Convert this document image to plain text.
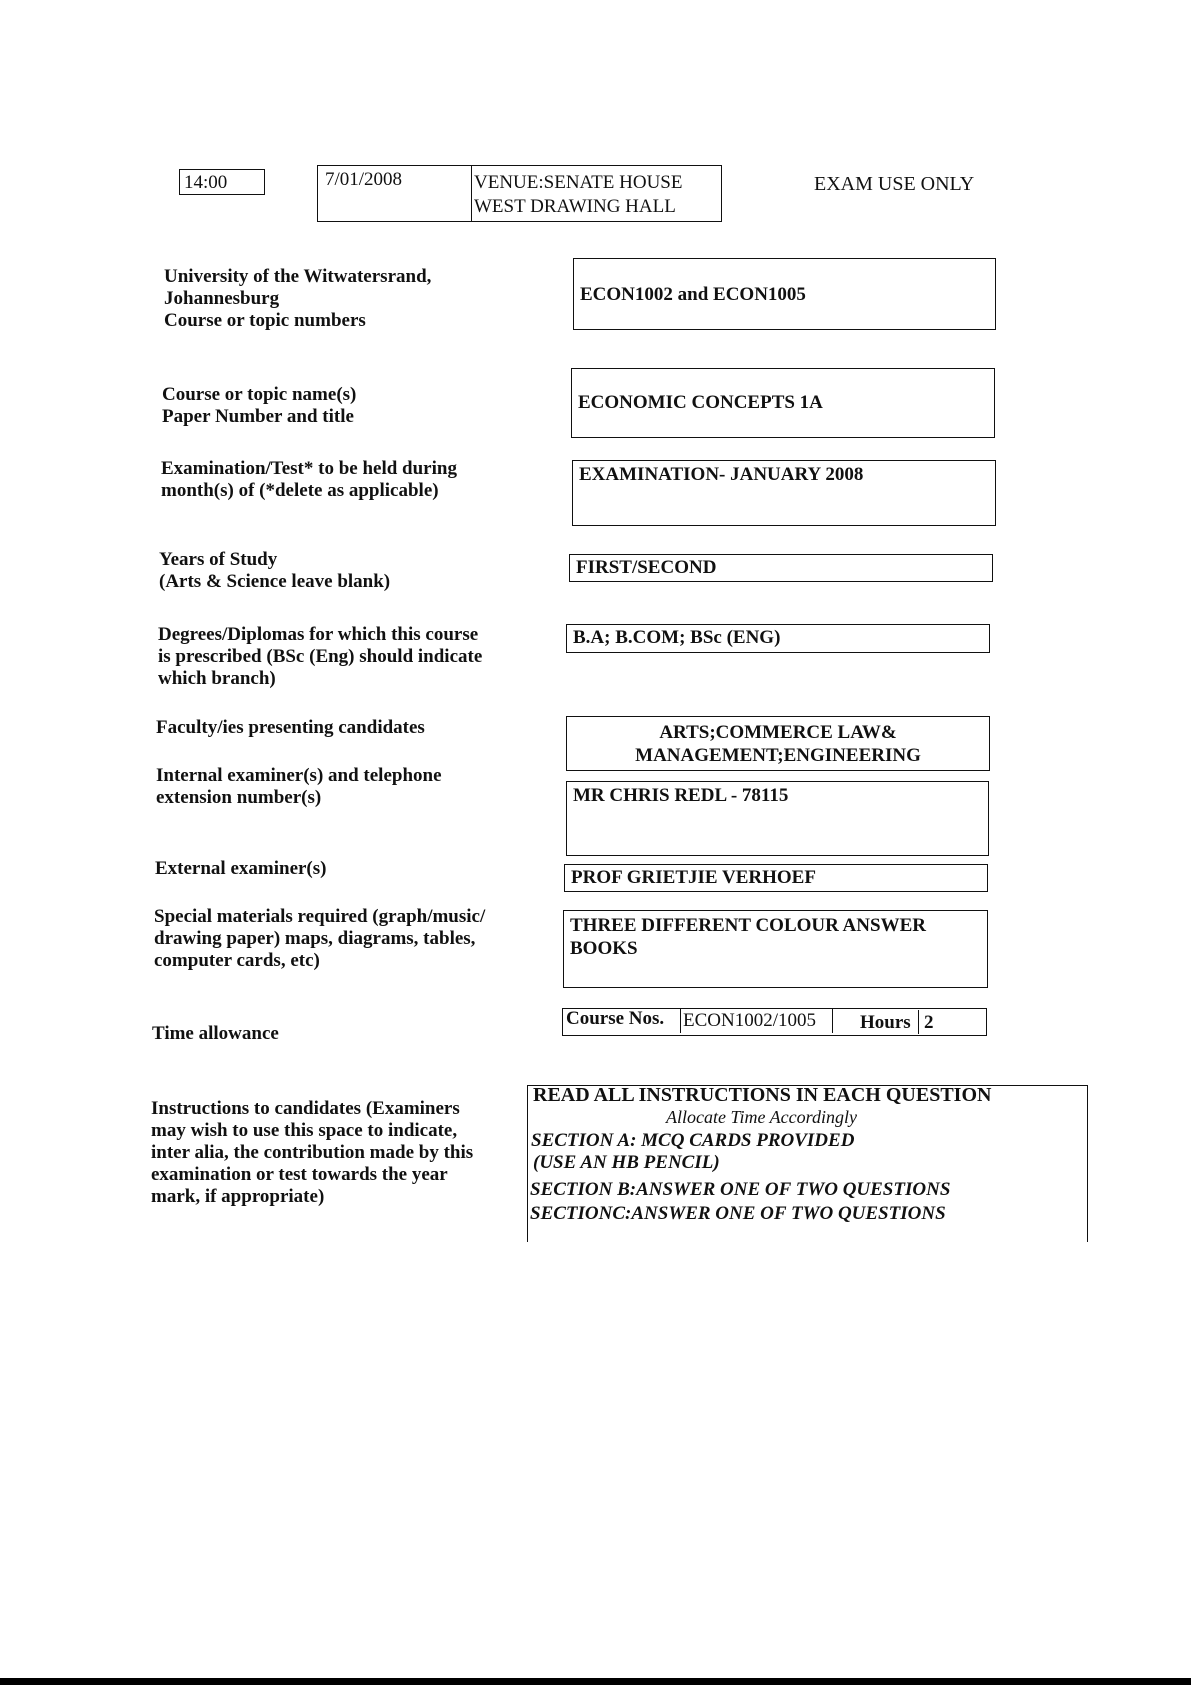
14:00	7/01/2008	VENUE:SENATE HOUSE
WEST DRAWING HALL
EXAM USE ONLY
University of the Witwatersrand,
Johannesburg
Course or topic numbers
Course or topic name(s)
Paper Number and title
Examination/Test* to be held during
month(s) of (*delete as applicable)
Years of Study
(Arts & Science leave blank)
Degrees/Diplomas for which this course
is prescribed (BSc (Eng) should indicate
which branch)
Faculty/ies presenting candidates
Internal examiner(s) and telephone
extension number(s)
External examiner(s)
Special materials required (graph/music/
drawing paper) maps, diagrams, tables,
computer cards, etc)
Time allowance
Instructions to candidates (Examiners
may wish to use this space to indicate,
inter alia, the contribution made by this
examination or test towards the year
mark, if appropriate)
ECON1002 and ECON1005
ECONOMIC CONCEPTS 1A
EXAMINATION- JANUARY 2008
FIRST/SECOND
B.A; B.COM; BSc (ENG)
ARTS;COMMERCE LAW&
MANAGEMENT;ENGINEERING
MR CHRIS REDL - 78115
PROF GRIETJIE VERHOEF
THREE DIFFERENT COLOUR ANSWER
BOOKS
Course Nos. ECON1002/1005 Hours 2
READ ALL INSTRUCTIONS IN EACH QUESTION
Allocate Time Accordingly
SECTION A: MCQ CARDS PROVIDED
(USE AN HB PENCIL)
SECTION B:ANSWER ONE OF TWO QUESTIONS
SECTIONC:ANSWER ONE OF TWO QUESTIONS
